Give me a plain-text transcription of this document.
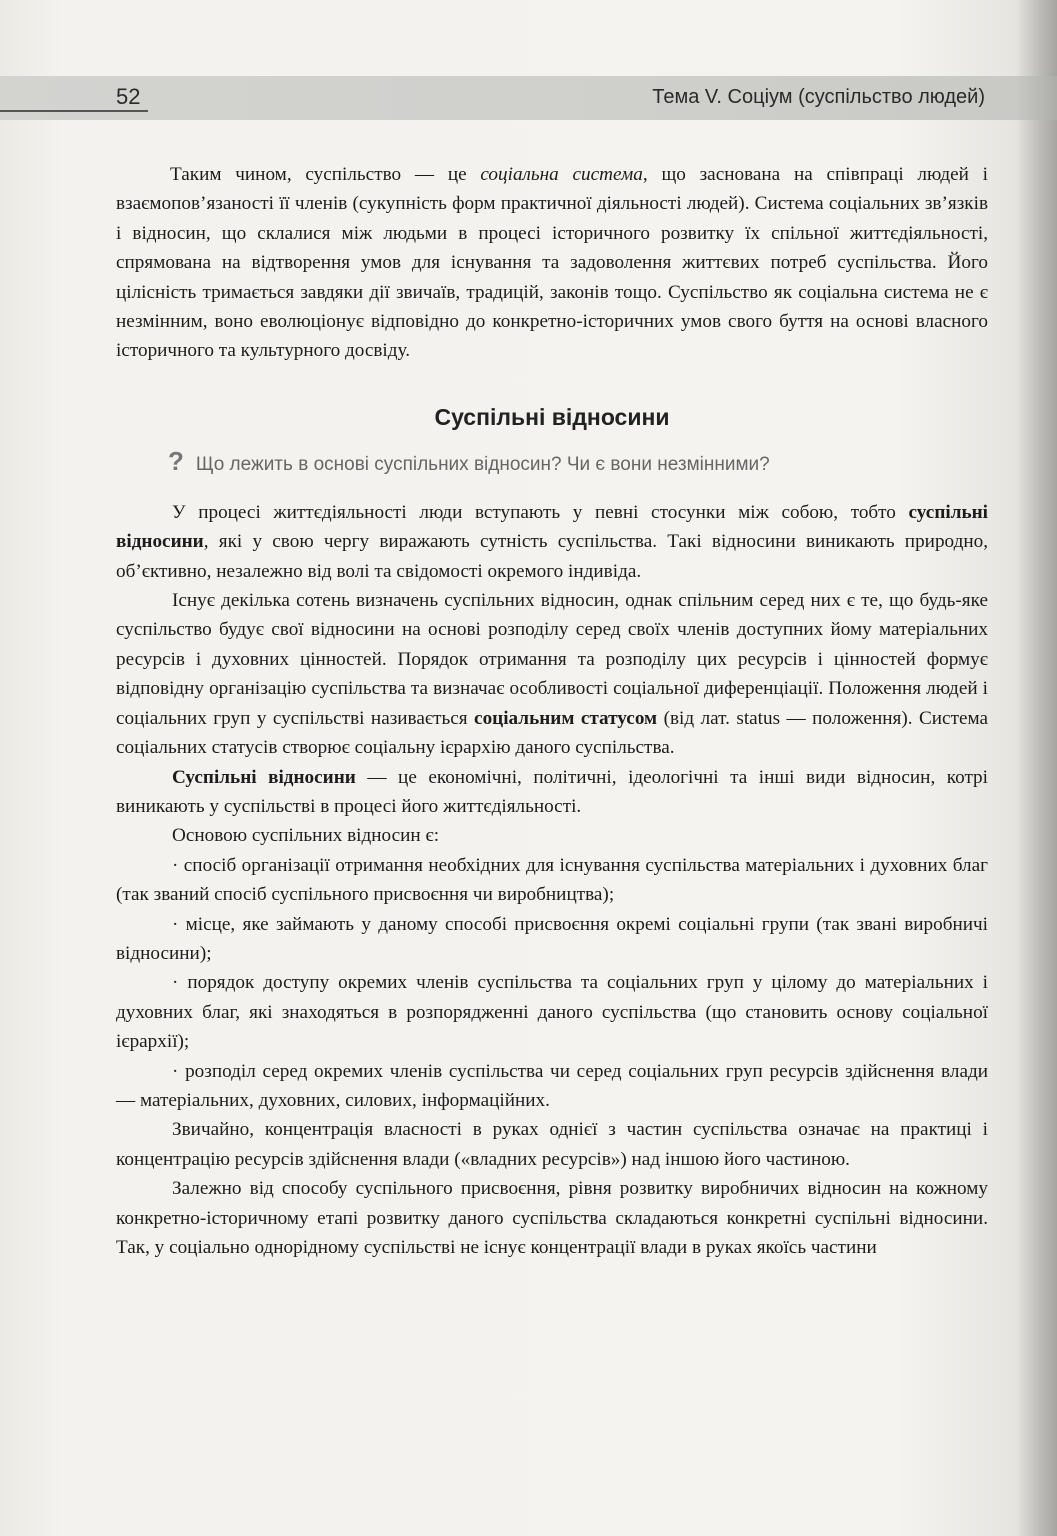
52	Тема V. Соціум (суспільство людей)

Таким чином, суспільство — це соціальна система, що заснована на співпраці людей і взаємопов’язаності її членів (сукупність форм практичної діяльності людей). Система соціальних зв’язків і відносин, що склалися між людьми в процесі історичного розвитку їх спільної життєдіяльності, спрямована на відтворення умов для існування та задоволення життєвих потреб суспільства. Його цілісність тримається завдяки дії звичаїв, традицій, законів тощо. Суспільство як соціальна система не є незмінним, воно еволюціонує відповідно до конкретно-історичних умов свого буття на основі власного історичного та культурного досвіду.

Суспільні відносини
? Що лежить в основі суспільних відносин? Чи є вони незмінними?

У процесі життєдіяльності люди вступають у певні стосунки між собою, тобто суспільні відносини, які у свою чергу виражають сутність суспільства. Такі відносини виникають природно, об’єктивно, незалежно від волі та свідомості окремого індивіда.

Існує декілька сотень визначень суспільних відносин, однак спільним серед них є те, що будь-яке суспільство будує свої відносини на основі розподілу серед своїх членів доступних йому матеріальних ресурсів і духовних цінностей. Порядок отримання та розподілу цих ресурсів і цінностей формує відповідну організацію суспільства та визначає особливості соціальної диференціації. Положення людей і соціальних груп у суспільстві називається соціальним статусом (від лат. status — положення). Система соціальних статусів створює соціальну ієрархію даного суспільства.

Суспільні відносини — це економічні, політичні, ідеологічні та інші види відносин, котрі виникають у суспільстві в процесі його життєдіяльності.

Основою суспільних відносин є:

· спосіб організації отримання необхідних для існування суспільства матеріальних і духовних благ (так званий спосіб суспільного присвоєння чи виробництва);
· місце, яке займають у даному способі присвоєння окремі соціальні групи (так звані виробничі відносини);
· порядок доступу окремих членів суспільства та соціальних груп у цілому до матеріальних і духовних благ, які знаходяться в розпорядженні даного суспільства (що становить основу соціальної ієрархії);
· розподіл серед окремих членів суспільства чи серед соціальних груп ресурсів здійснення влади — матеріальних, духовних, силових, інформаційних.

Звичайно, концентрація власності в руках однієї з частин суспільства означає на практиці і концентрацію ресурсів здійснення влади («владних ресурсів») над іншою його частиною.

Залежно від способу суспільного присвоєння, рівня розвитку виробничих відносин на кожному конкретно-історичному етапі розвитку даного суспільства складаються конкретні суспільні відносини. Так, у соціально однорідному суспільстві не існує концентрації влади в руках якоїсь частини
